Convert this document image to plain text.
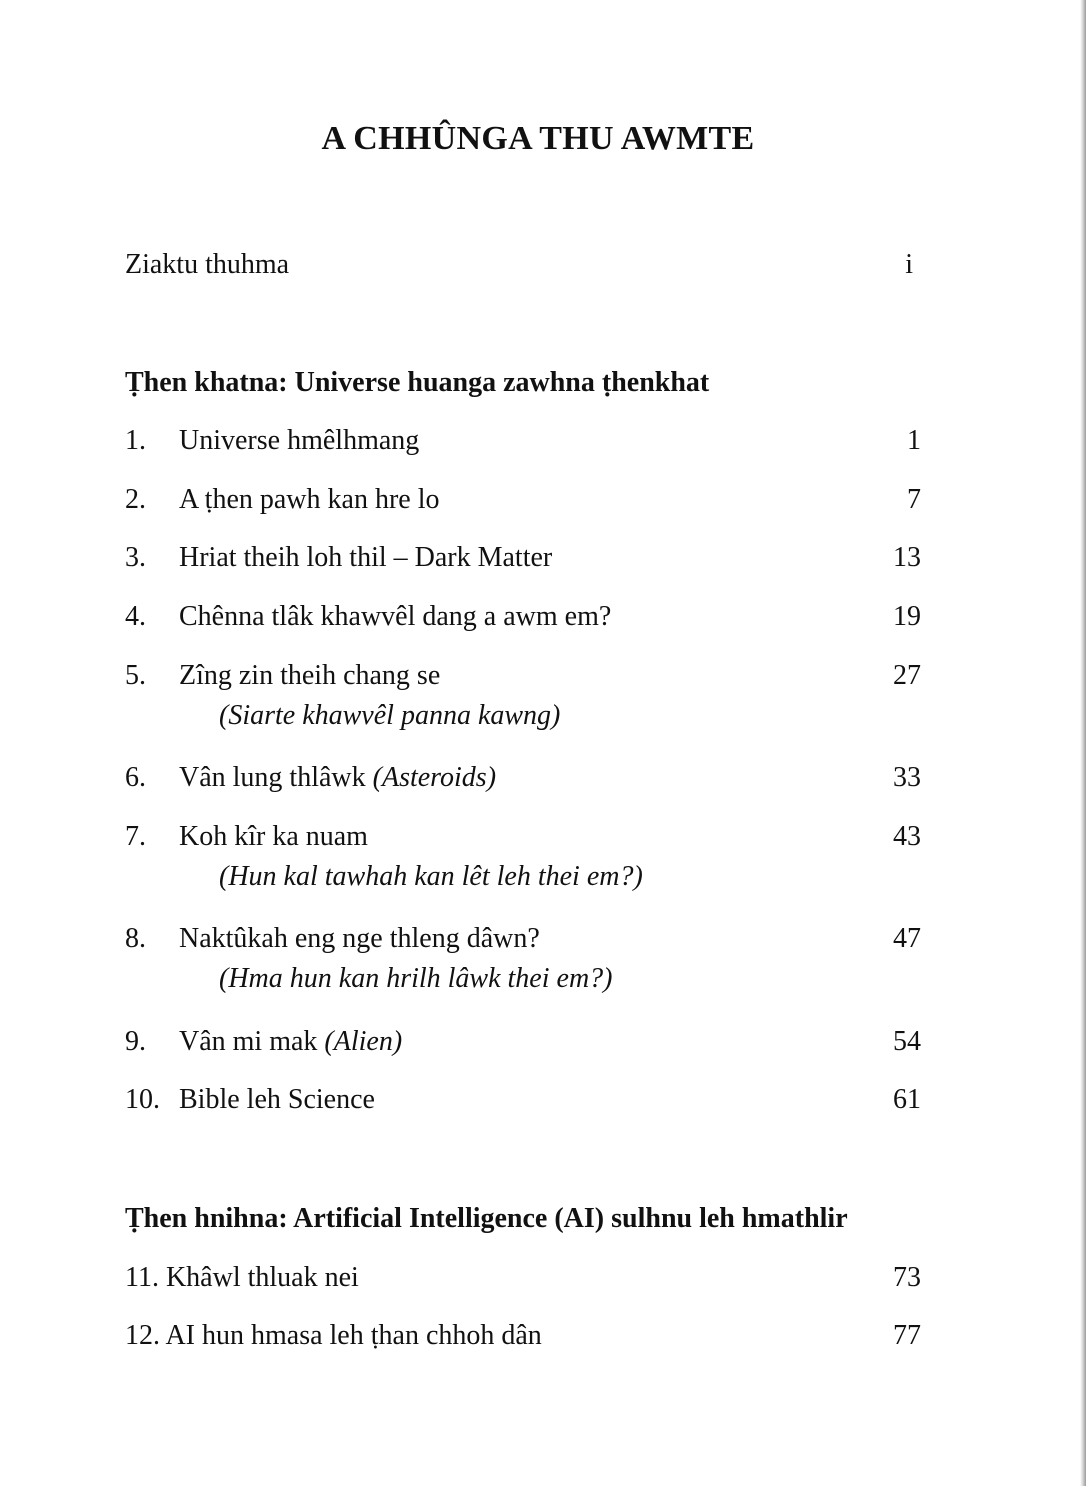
A CHHÛNGA THU AWMTE
Ziaktu thuhma	i
Ṭhen khatna: Universe huanga zawhna ṭhenkhat
1. Universe hmêlhmang	1
2. A ṭhen pawh kan hre lo	7
3. Hriat theih loh thil – Dark Matter	13
4. Chênna tlâk khawvêl dang a awm em?	19
5. Zîng zin theih chang se	27
(Siarte khawvêl panna kawng)
6. Vân lung thlâwk (Asteroids)	33
7. Koh kîr ka nuam	43
(Hun kal tawhah kan lêt leh thei em?)
8. Naktûkah eng nge thleng dâwn?	47
(Hma hun kan hrilh lâwk thei em?)
9. Vân mi mak (Alien)	54
10. Bible leh Science	61
Ṭhen hnihna: Artificial Intelligence (AI) sulhnu leh hmathlir
11. Khâwl thluak nei	73
12. AI hun hmasa leh ṭhan chhoh dân	77
